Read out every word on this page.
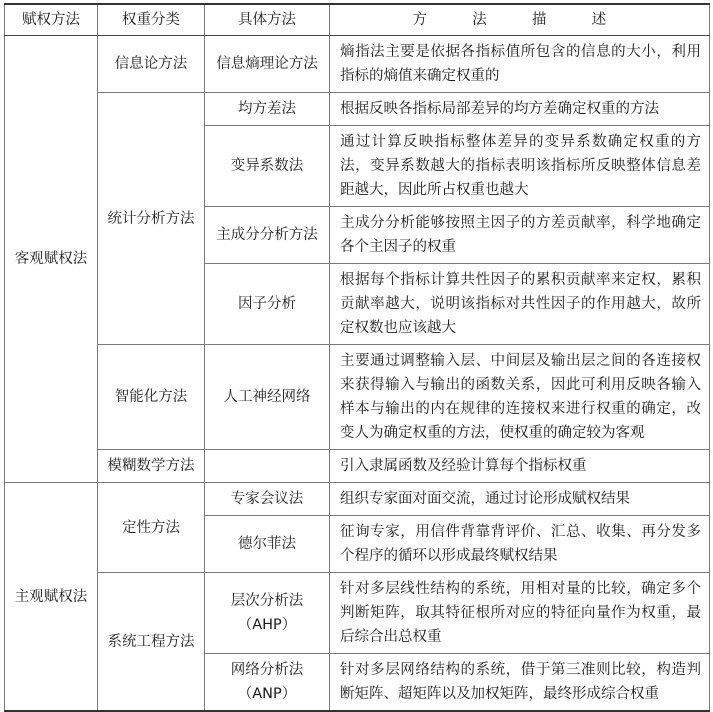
赋权方法	权重分类	具体方法	方 法 描 述
客观赋权法	信息论方法	信息熵理论方法	熵指法主要是依据各指标值所包含的信息的大小，利用指标的熵值来确定权重的
	统计分析方法	均方差法	根据反映各指标局部差异的均方差确定权重的方法
		变异系数法	通过计算反映指标整体差异的变异系数确定权重的方法，变异系数越大的指标表明该指标所反映整体信息差距越大，因此所占权重也越大
		主成分分析方法	主成分分析能够按照主因子的方差贡献率，科学地确定各个主因子的权重
		因子分析	根据每个指标计算共性因子的累积贡献率来定权，累积贡献率越大，说明该指标对共性因子的作用越大，故所定权数也应该越大
	智能化方法	人工神经网络	主要通过调整输入层、中间层及输出层之间的各连接权来获得输入与输出的函数关系，因此可利用反映各输入样本与输出的内在规律的连接权来进行权重的确定，改变人为确定权重的方法，使权重的确定较为客观
	模糊数学方法		引入隶属函数及经验计算每个指标权重
主观赋权法	定性方法	专家会议法	组织专家面对面交流，通过讨论形成赋权结果
		德尔菲法	征询专家，用信件背靠背评价、汇总、收集、再分发多个程序的循环以形成最终赋权结果
	系统工程方法	层次分析法（AHP）	针对多层线性结构的系统，用相对量的比较，确定多个判断矩阵，取其特征根所对应的特征向量作为权重，最后综合出总权重
		网络分析法（ANP）	针对多层网络结构的系统，借于第三准则比较，构造判断矩阵、超矩阵以及加权矩阵，最终形成综合权重
